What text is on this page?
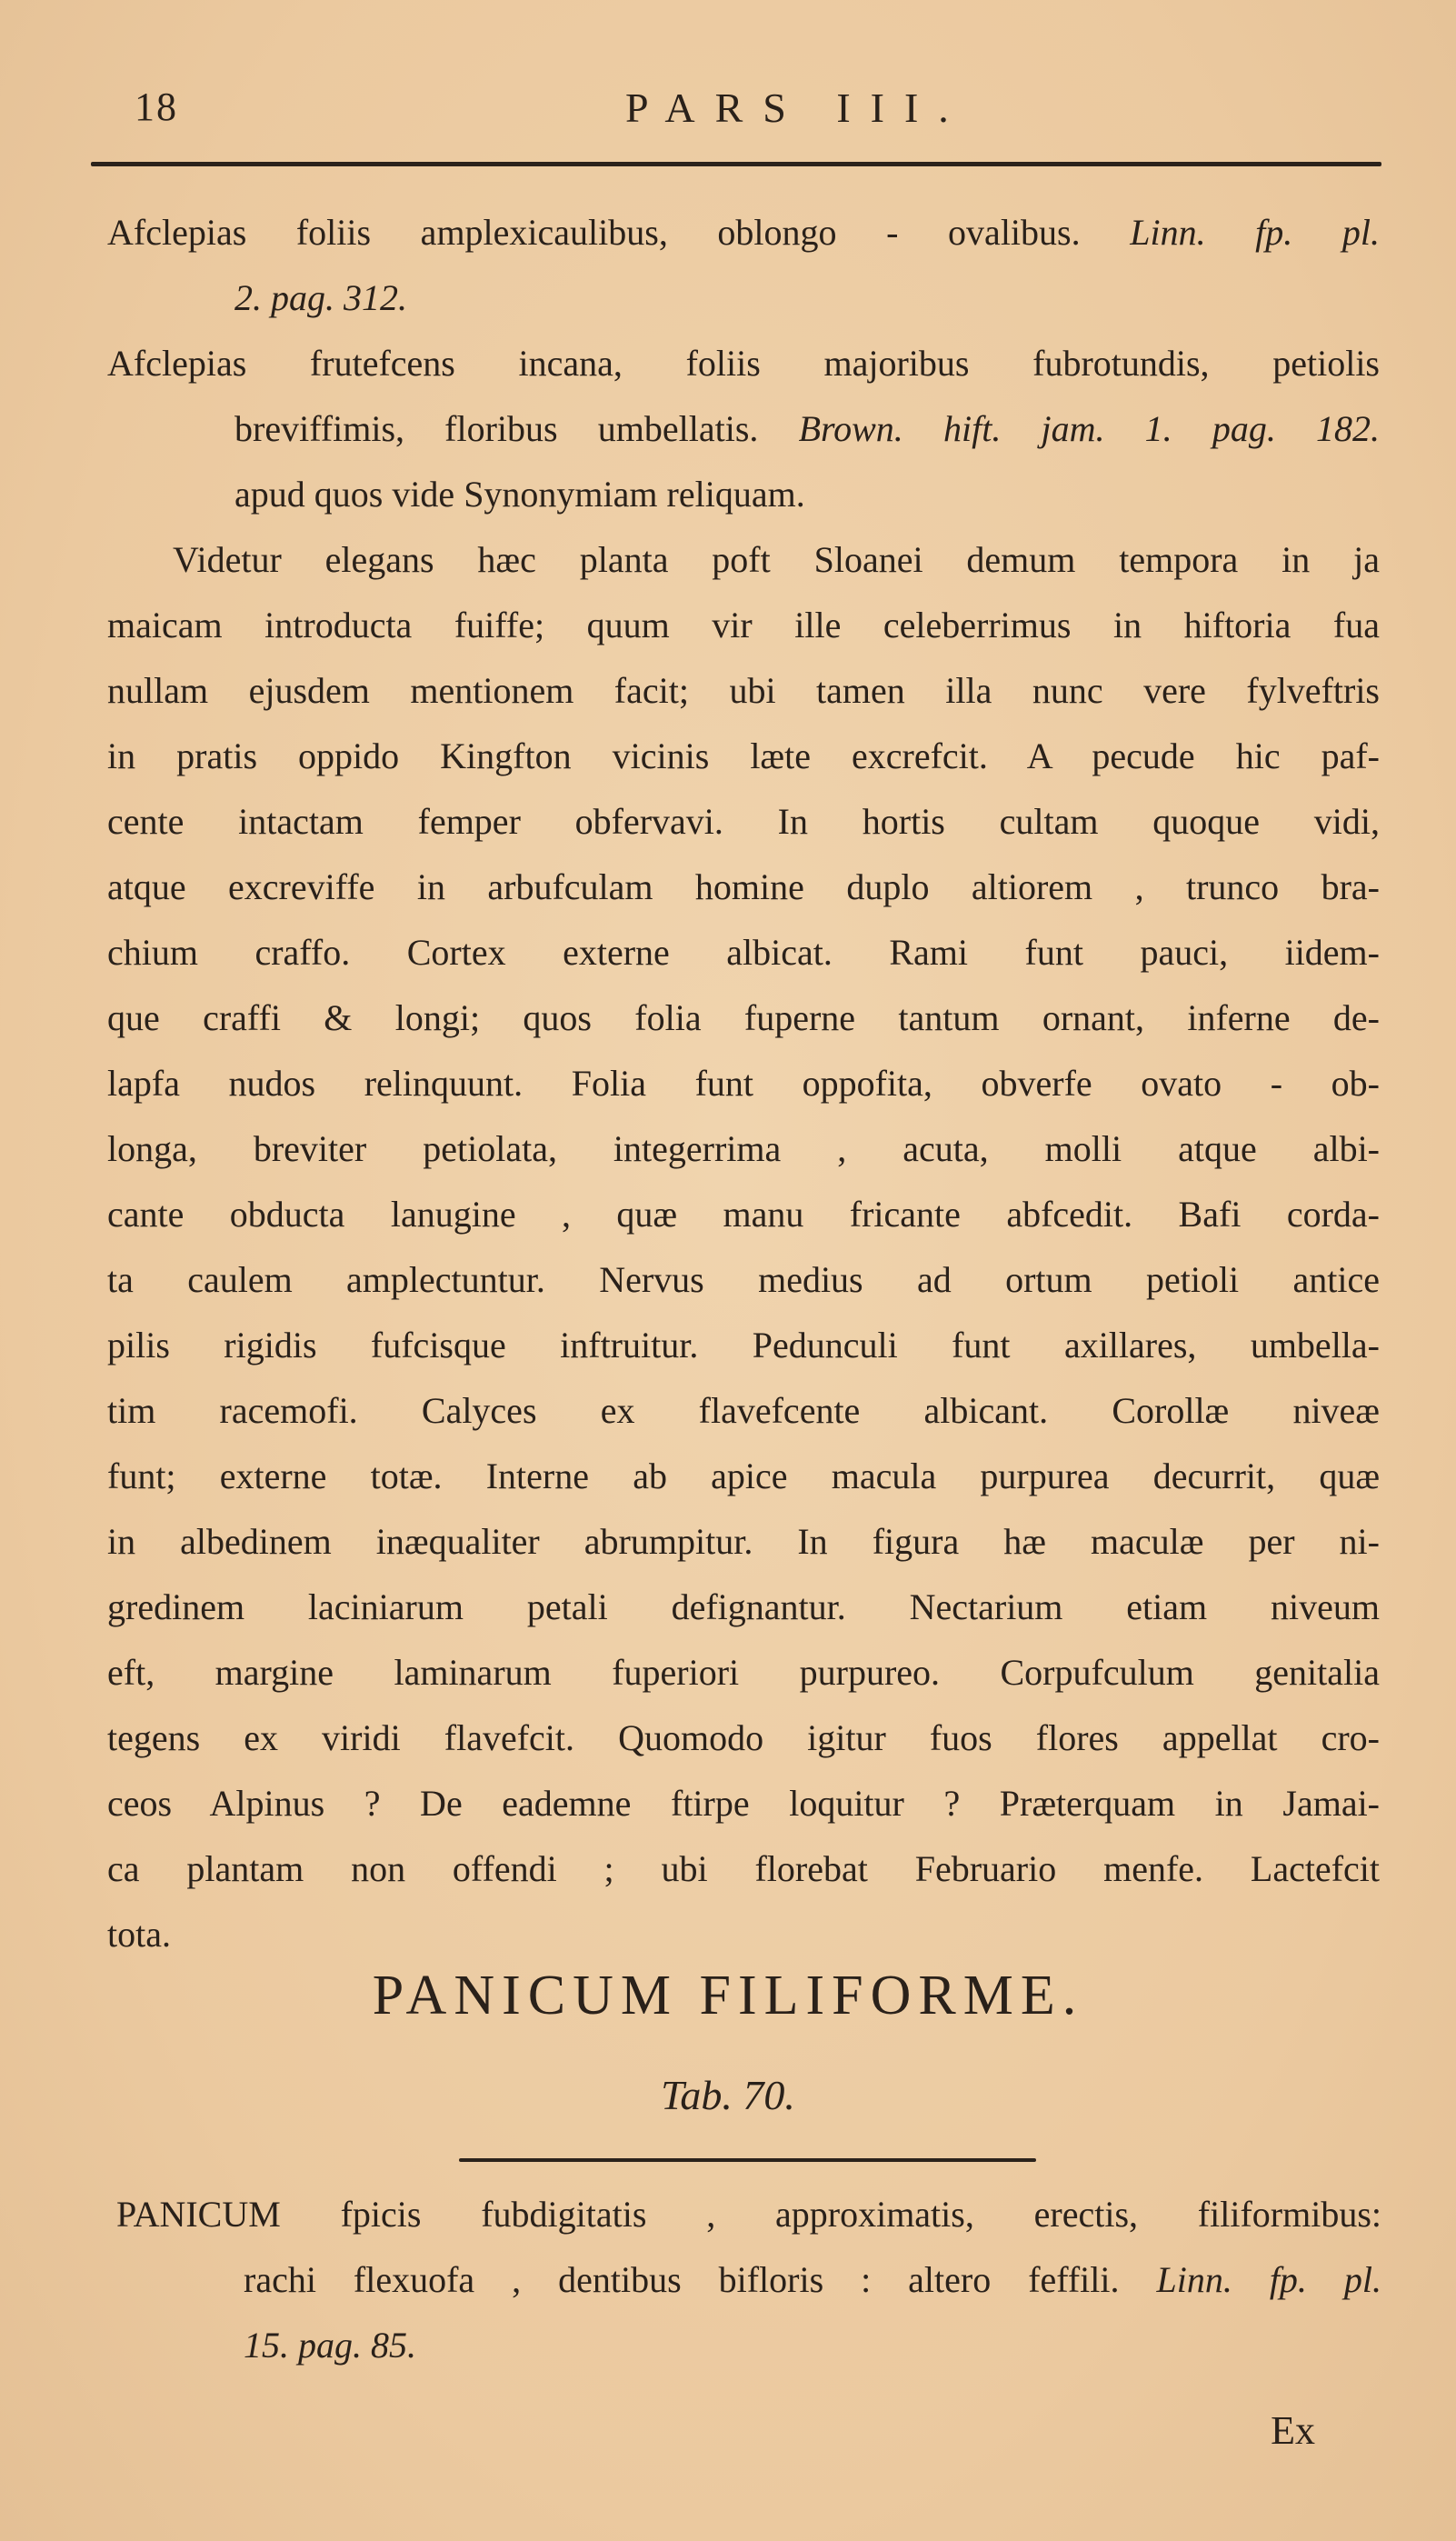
18	PARS III.
Afclepias foliis amplexicaulibus, oblongo - ovalibus. Linn. fp. pl.
2. pag. 312.
Afclepias frutefcens incana, foliis majoribus fubrotundis, petiolis
breviffimis, floribus umbellatis. Brown. hift. jam. 1. pag. 182.
apud quos vide Synonymiam reliquam.
Videtur elegans hæc planta poft Sloanei demum tempora in ja
maicam introducta fuiffe; quum vir ille celeberrimus in hiftoria fua
nullam ejusdem mentionem facit; ubi tamen illa nunc vere fylveftris
in pratis oppido Kingfton vicinis læte excrefcit. A pecude hic paf-
cente intactam femper obfervavi. In hortis cultam quoque vidi,
atque excreviffe in arbufculam homine duplo altiorem , trunco bra-
chium craffo. Cortex externe albicat. Rami funt pauci, iidem-
que craffi & longi; quos folia fuperne tantum ornant, inferne de-
lapfa nudos relinquunt. Folia funt oppofita, obverfe ovato - ob-
longa, breviter petiolata, integerrima , acuta, molli atque albi-
cante obducta lanugine , quæ manu fricante abfcedit. Bafi corda-
ta caulem amplectuntur. Nervus medius ad ortum petioli antice
pilis rigidis fufcisque inftruitur. Pedunculi funt axillares, umbella-
tim racemofi. Calyces ex flavefcente albicant. Corollæ niveæ
funt; externe totæ. Interne ab apice macula purpurea decurrit, quæ
in albedinem inæqualiter abrumpitur. In figura hæ maculæ per ni-
gredinem laciniarum petali defignantur. Nectarium etiam niveum
eft, margine laminarum fuperiori purpureo. Corpufculum genitalia
tegens ex viridi flavefcit. Quomodo igitur fuos flores appellat cro-
ceos Alpinus ? De eademne ftirpe loquitur ? Præterquam in Jamai-
ca plantam non offendi ; ubi florebat Februario menfe. Lactefcit
tota.
PANICUM FILIFORME.
Tab. 70.
PANICUM fpicis fubdigitatis , approximatis, erectis, filiformibus:
rachi flexuofa , dentibus bifloris : altero feffili. Linn. fp. pl.
15. pag. 85.
Ex
